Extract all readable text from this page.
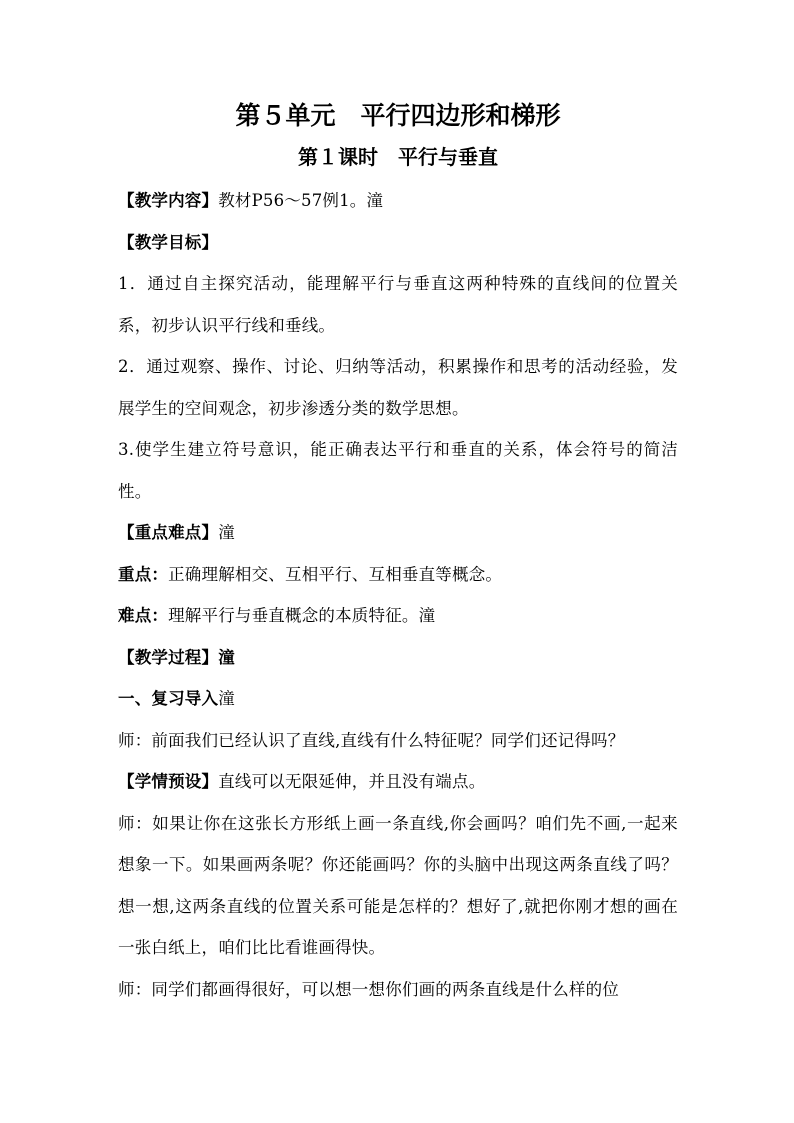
第５单元　平行四边形和梯形
第１课时　平行与垂直

【教学内容】教材P56～57例1。潼

【教学目标】

1．通过自主探究活动，能理解平行与垂直这两种特殊的直线间的位置关系，初步认识平行线和垂线。

2．通过观察、操作、讨论、归纳等活动，积累操作和思考的活动经验，发展学生的空间观念，初步渗透分类的数学思想。

3.使学生建立符号意识，能正确表达平行和垂直的关系，体会符号的简洁性。

【重点难点】潼

重点：正确理解相交、互相平行、互相垂直等概念。

难点：理解平行与垂直概念的本质特征。潼

【教学过程】潼

一、复习导入潼

师：前面我们已经认识了直线,直线有什么特征呢？同学们还记得吗？

【学情预设】直线可以无限延伸，并且没有端点。

师：如果让你在这张长方形纸上画一条直线,你会画吗？咱们先不画,一起来想象一下。如果画两条呢？你还能画吗？你的头脑中出现这两条直线了吗？想一想,这两条直线的位置关系可能是怎样的？想好了,就把你刚才想的画在一张白纸上，咱们比比看谁画得快。

师：同学们都画得很好，可以想一想你们画的两条直线是什么样的位
